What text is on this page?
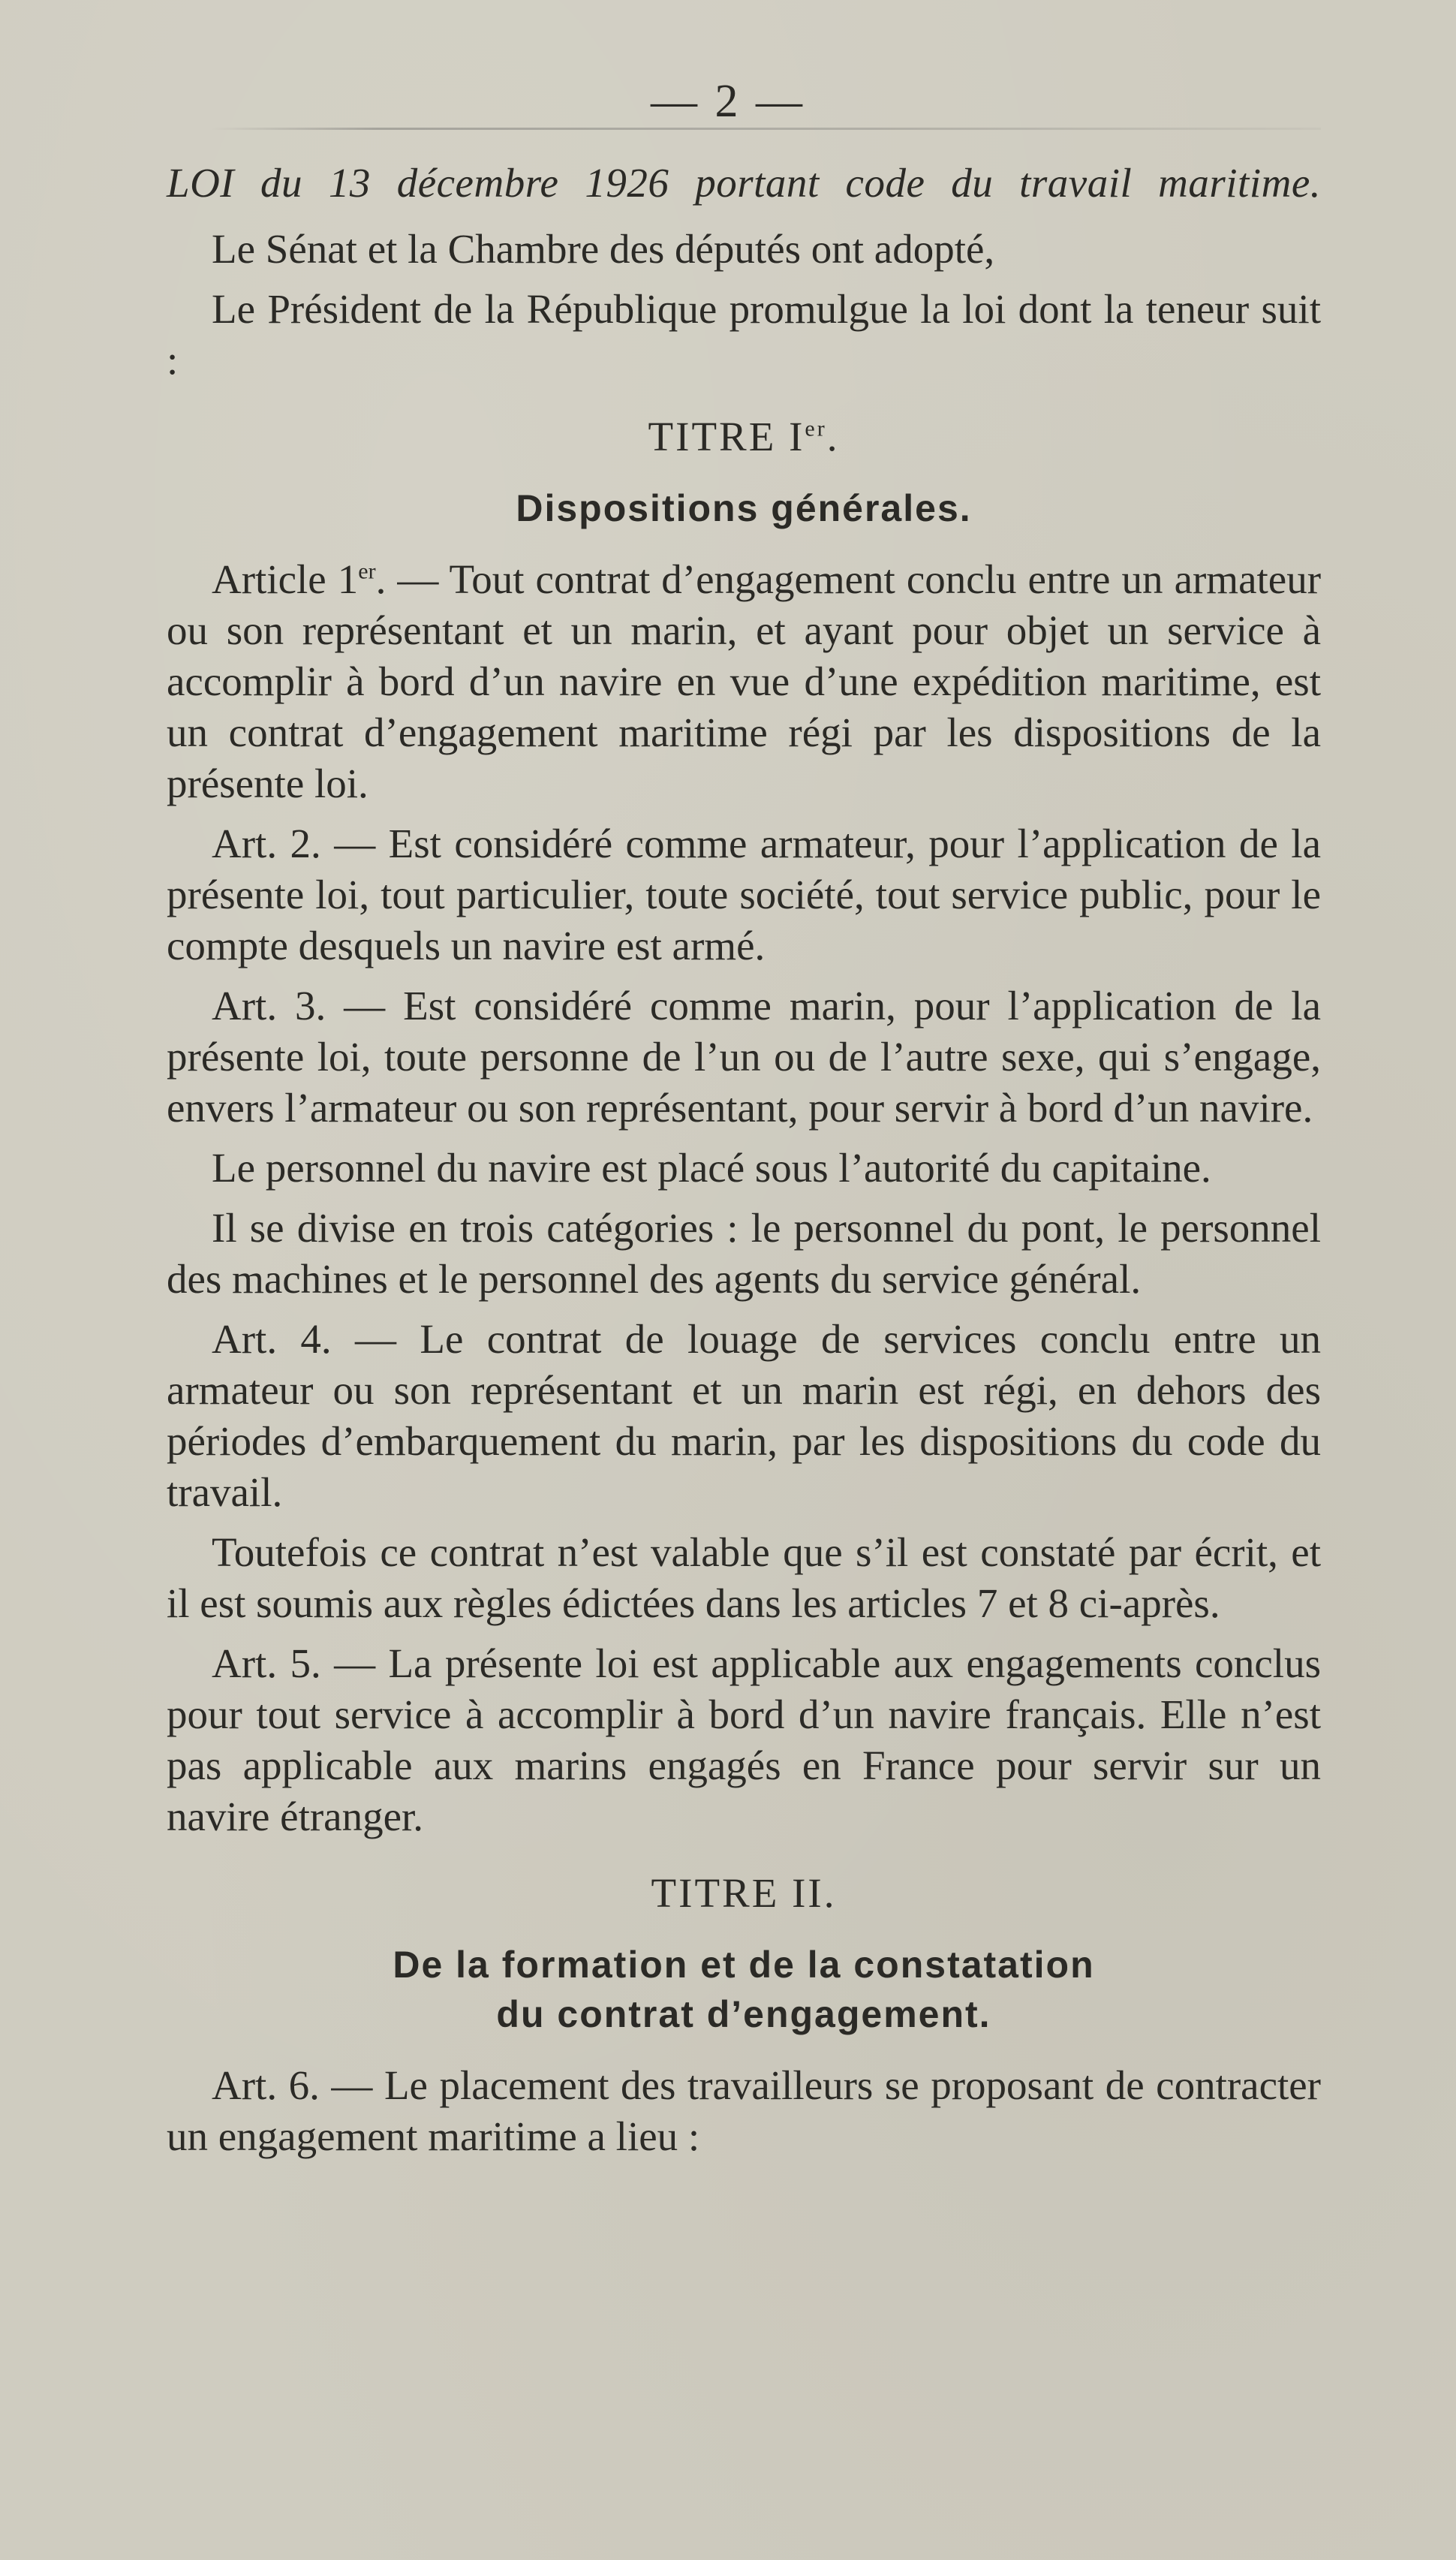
— 2 —
LOI du 13 décembre 1926 portant code du travail maritime.

Le Sénat et la Chambre des députés ont adopté,

Le Président de la République promulgue la loi dont la teneur suit :

TITRE Ier.
Dispositions générales.

Article 1er. — Tout contrat d’engagement conclu entre un armateur ou son représentant et un marin, et ayant pour objet un service à accomplir à bord d’un navire en vue d’une expédition maritime, est un contrat d’engagement maritime régi par les dispositions de la présente loi.

Art. 2. — Est considéré comme armateur, pour l’application de la présente loi, tout particulier, toute société, tout service public, pour le compte desquels un navire est armé.

Art. 3. — Est considéré comme marin, pour l’application de la présente loi, toute personne de l’un ou de l’autre sexe, qui s’engage, envers l’armateur ou son représentant, pour servir à bord d’un navire.

Le personnel du navire est placé sous l’autorité du capitaine.

Il se divise en trois catégories : le personnel du pont, le personnel des machines et le personnel des agents du service général.

Art. 4. — Le contrat de louage de services conclu entre un armateur ou son représentant et un marin est régi, en dehors des périodes d’embarquement du marin, par les dispositions du code du travail.

Toutefois ce contrat n’est valable que s’il est constaté par écrit, et il est soumis aux règles édictées dans les articles 7 et 8 ci-après.

Art. 5. — La présente loi est applicable aux engagements conclus pour tout service à accomplir à bord d’un navire français. Elle n’est pas applicable aux marins engagés en France pour servir sur un navire étranger.

TITRE II.
De la formation et de la constatation
du contrat d’engagement.

Art. 6. — Le placement des travailleurs se proposant de contracter un engagement maritime a lieu :
